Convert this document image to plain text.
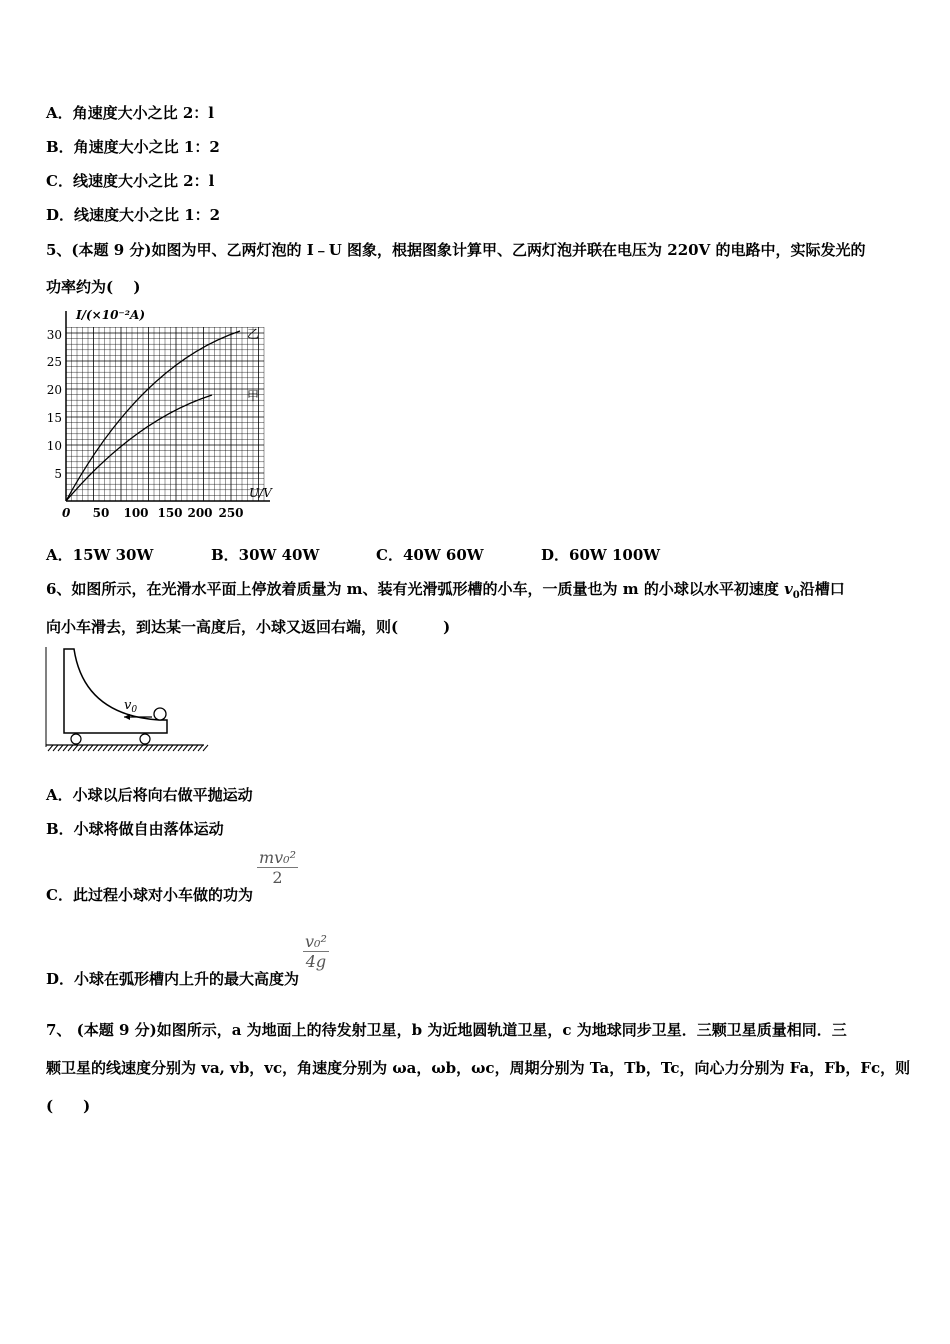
A．角速度大小之比 2：l
B．角速度大小之比 1：2
C．线速度大小之比 2：l
D．线速度大小之比 1：2
5、(本题 9 分)如图为甲、乙两灯泡的 I﹣U 图象，根据图象计算甲、乙两灯泡并联在电压为 220V 的电路中，实际发光的
功率约为(　 )
I/(×10⁻²A)
U/V
0
乙
甲
30
25
20
15
10
5
50 100 150 200 250
A．15W 30W	B．30W 40W	C．40W 60W	D．60W 100W
6、如图所示，在光滑水平面上停放着质量为 m、装有光滑弧形槽的小车，一质量也为 m 的小球以水平初速度 $v_0$沿槽口
向小车滑去，到达某一高度后，小球又返回右端，则(　　　)
$v_0$
A．小球以后将向右做平抛运动
B．小球将做自由落体运动
C．此过程小球对小车做的功为
$\frac{\text{mv₀²}}{2}$
D．小球在弧形槽内上升的最大高度为
$\frac{\text{v₀²}}{4g}$
7、 (本题 9 分)如图所示，a 为地面上的待发射卫星，b 为近地圆轨道卫星，c 为地球同步卫星．三颗卫星质量相同．三
颗卫星的线速度分别为 va, vb，vc，角速度分别为 ωa，ωb，ωc，周期分别为 Ta，Tb，Tc，向心力分别为 Fa，Fb，Fc，则
(　　)
